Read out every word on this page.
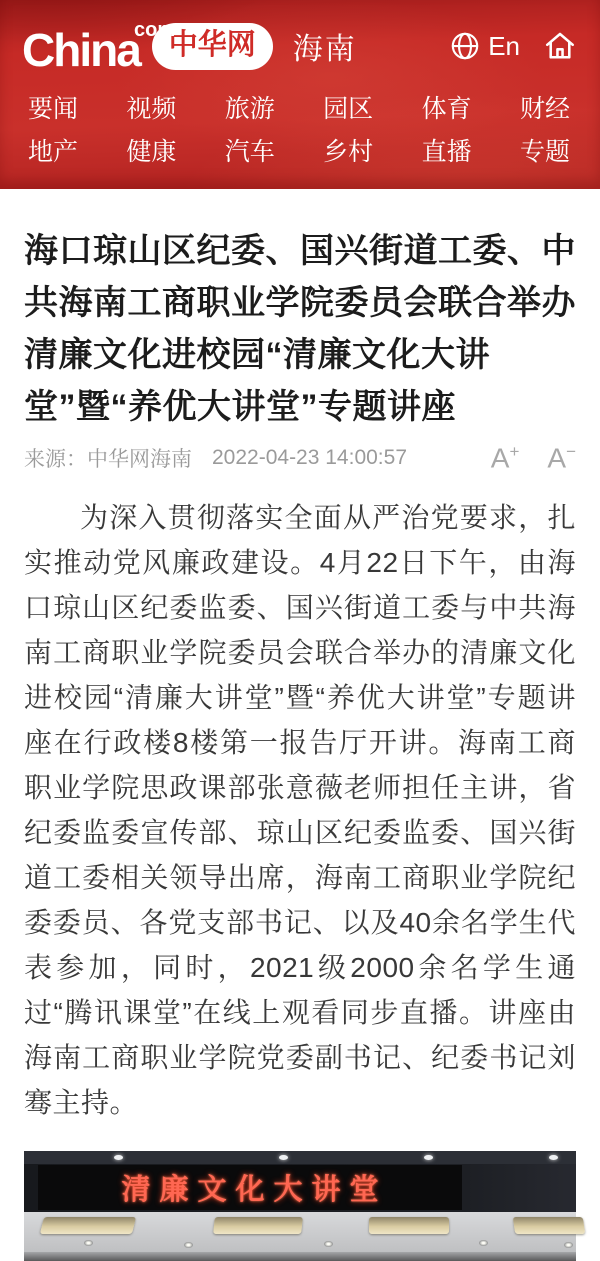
China
com
中华网	海南	En
要闻
地产
视频
健康
旅游
汽车
园区
乡村
体育
直播
财经
专题
海口琼山区纪委、国兴街道工委、中共海南工商职业学院委员会联合举办清廉文化进校园“清廉文化大讲堂”暨“养优大讲堂”专题讲座
来源：中华网海南 2022-04-23 14:00:57	A+ A−

为深入贯彻落实全面从严治党要求，扎实推动党风廉政建设。4月22日下午，由海口琼山区纪委监委、国兴街道工委与中共海南工商职业学院委员会联合举办的清廉文化进校园“清廉大讲堂”暨“养优大讲堂”专题讲座在行政楼8楼第一报告厅开讲。海南工商职业学院思政课部张意薇老师担任主讲，省纪委监委宣传部、琼山区纪委监委、国兴街道工委相关领导出席，海南工商职业学院纪委委员、各党支部书记、以及40余名学生代表参加，同时，2021级2000余名学生通过“腾讯课堂”在线上观看同步直播。讲座由海南工商职业学院党委副书记、纪委书记刘骞主持。

清廉文化大讲堂
